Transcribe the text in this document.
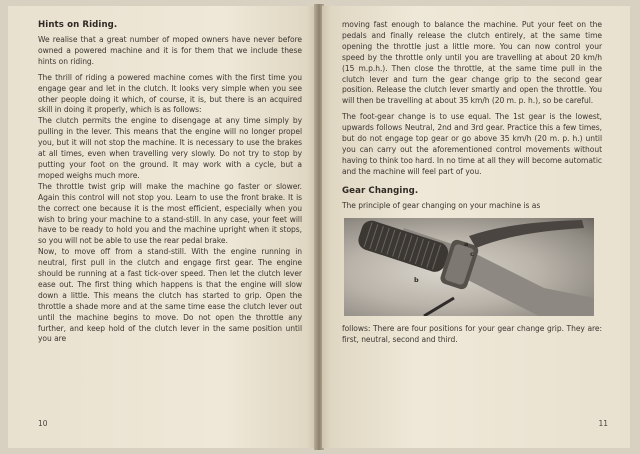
Hints on Riding.

We realise that a great number of moped owners have never before owned a powered machine and it is for them that we include these hints on riding.

The thrill of riding a powered machine comes with the first time you engage gear and let in the clutch. It looks very simple when you see other people doing it which, of course, it is, but there is an acquired skill in doing it properly, which is as follows:

The clutch permits the engine to disengage at any time simply by pulling in the lever. This means that the engine will no longer propel you, but it will not stop the machine. It is necessary to use the brakes at all times, even when travelling very slowly. Do not try to stop by putting your foot on the ground. It may work with a cycle, but a moped weighs much more.

The throttle twist grip will make the machine go faster or slower. Again this control will not stop you. Learn to use the front brake. It is the correct one because it is the most efficient, especially when you wish to bring your machine to a stand-still. In any case, your feet will have to be ready to hold you and the machine upright when it stops, so you will not be able to use the rear pedal brake.

Now, to move off from a stand-still. With the engine running in neutral, first pull in the clutch and engage first gear. The engine should be running at a fast tick-over speed. Then let the clutch lever ease out. The first thing which happens is that the engine will slow down a little. This means the clutch has started to grip. Open the throttle a shade more and at the same time ease the clutch lever out until the machine begins to move. Do not open the throttle any further, and keep hold of the clutch lever in the same position until you are

10

moving fast enough to balance the machine. Put your feet on the pedals and finally release the clutch entirely, at the same time opening the throttle just a little more. You can now control your speed by the throttle only until you are travelling at about 20 km/h (15 m.p.h.). Then close the throttle, at the same time pull in the clutch lever and turn the gear change grip to the second gear position. Release the clutch lever smartly and open the throttle. You will then be travelling at about 35 km/h (20 m. p. h.), so be careful.

The foot-gear change is to use equal. The 1st gear is the lowest, upwards follows Neutral, 2nd and 3rd gear. Practice this a few times, but do not engage top gear or go above 35 km/h (20 m. p. h.) until you can carry out the aforementioned control movements without having to think too hard. In no time at all they will become automatic and the machine will feel part of you.

Gear Changing.

The principle of gear changing on your machine is as

a
b
c

follows: There are four positions for your gear change grip. They are: first, neutral, second and third.

11
